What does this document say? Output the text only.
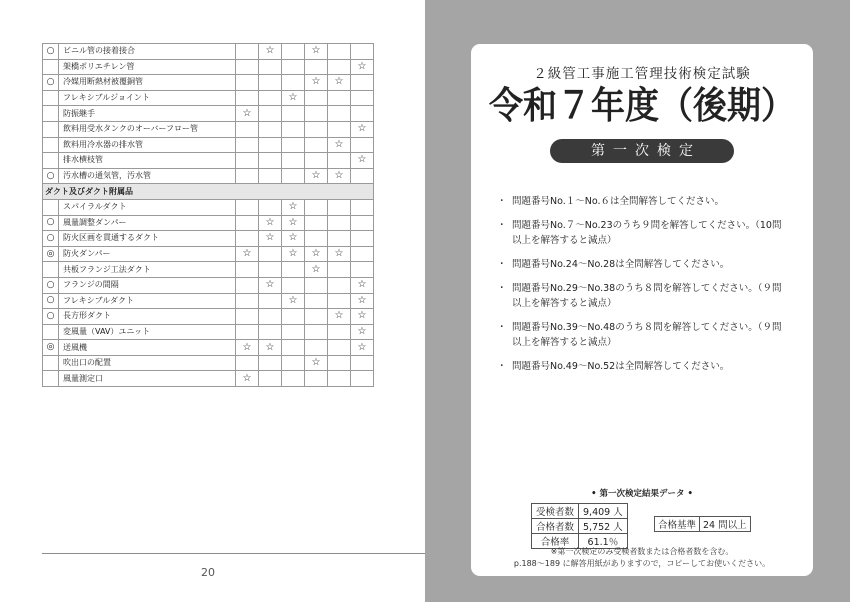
○	ビニル管の接着接合		☆		☆		
	架橋ポリエチレン管						☆
○	冷媒用断熱材被覆銅管				☆	☆	
	フレキシブルジョイント			☆			
	防振継手	☆					
	飲料用受水タンクのオーバーフロー管						☆
	飲料用冷水器の排水管					☆	
	排水横枝管						☆
○	汚水槽の通気管，汚水管				☆	☆	
ダクト及びダクト附属品							
	スパイラルダクト			☆			
○	風量調整ダンパー		☆	☆			
○	防火区画を貫通するダクト		☆	☆			
◎	防火ダンパー	☆		☆	☆	☆	
	共板フランジ工法ダクト				☆		
○	フランジの間隔		☆				☆
○	フレキシブルダクト			☆			☆
○	長方形ダクト					☆	☆
	変風量（VAV）ユニット						☆
◎	送風機	☆	☆				☆
	吹出口の配置				☆		
	風量測定口	☆					
20
２級管工事施工管理技術検定試験
令和７年度（後期）
第一次検定
・ 問題番号No.１～No.６は全問解答してください。
・ 問題番号No.７～No.23のうち９問を解答してください。（10問以上を解答すると減点）
・ 問題番号No.24～No.28は全問解答してください。
・ 問題番号No.29～No.38のうち８問を解答してください。（９問以上を解答すると減点）
・ 問題番号No.39～No.48のうち８問を解答してください。（９問以上を解答すると減点）
・ 問題番号No.49～No.52は全問解答してください。
• 第一次検定結果データ •
受検者数	9,409 人
合格者数	5,752 人
合格率	61.1％
合格基準	24 問以上
※第一次検定のみ受検者数または合格者数を含む。
p.188～189 に解答用紙がありますので，コピーしてお使いください。
